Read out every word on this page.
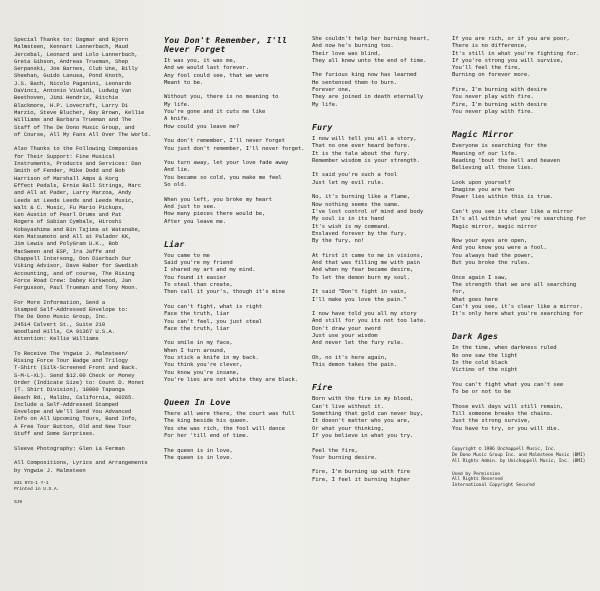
Special Thanks to: Dagmar and Bjorn
Malmsteen, Kennart Lannerbach, Maud
Jercebal, Leonard and Lolo Lannerbach,
Greta Gibson, Andreas Trueman, Shep
Serpanski, Joe Barnes, Club Une, Billy
Sheehan, Guido Lanusa, Pond Knoth,
J.S. Bach, Nicolo Paganini, Leonardo
DaVinci, Antonio Vivaldi, Ludwig Van
Beethoven, Jimi Hendrix, Ritchie
Blackmore, H.P. Lovecraft, Larry Di
Marzio, Steve Blucher, Ray Brown, Kellie
Williams and Barbara Trueman and The
Staff of The De Dono Music Group, and
of Course, All My Fans All Over The World.
Also Thanks to the Following Companies
for Their Support: Fine Musical
Instruments, Products and Services: Dan
Smith of Fender, Mike Dodd and Bob
Harrison of Marshall Amps & Korg
Effect Pedals, Ernie Ball Strings, Marc
and All at Pader, Larry Marzoa, Andy
Leeds at Leeds Leeds and Leeds Music,
Walt & C. Music, Fu Mario Pickups,
Ken Austin of Pearl Drums and Pat
Rogers of Sabian Cymbals, Hiroshi
Kobayashima and Bin Tajima at Watanabe,
Ken Matsumoto and All at Palador KK,
Jim Lewis and PolyGram U.K., Bob
MacSween and ESP, Ira Jaffe and
Chappell Intersong, Don Dierbach Our
Viking Advisor, Dave Haber for Swedish
Accounting, and of course, The Rising
Force Road Crew: Dabey Kirkwood, Jan
Fergusson, Paul Trueman and Tony Moon.
For More Information, Send a
Stamped Self-Addressed Envelope to:
The De Dono Music Group, Inc.
24514 Calvert St., Suite 210
Woodland Hills, CA 91367 U.S.A.
Attention: Kellie Williams
To Receive The Yngwie J. Malmsteen/
Rising Force Tour Badge and Trilogy
T-Shirt (Silk-Screened Front and Back.
S-M-L-XL). Send $12.00 Check or Money
Order (Indicate Size) to: Count D. Monet
(T. Shirt Division), 18800 Tapanga
Beach Rd., Malibu, California, 90265.
Include a Self-Addressed Stamped
Envelope and We'll Send You Advanced
Info on All Upcoming Tours, Band Info,
A Free Tour Button, Old and New Tour
Stuff and Some Surprises.
Sleeve Photography: Glen La Ferman
All Compositions, Lyrics and Arrangements
by Yngwie J. Malmsteen
831 073-1 Y-1
Printed in U.S.A.
SJ9
You Don't Remember, I'll Never Forget
It was you, it was me,
And we would last forever.
Any fool could see, that we were
Meant to be.
Without you, there is no meaning to
My life.
You're gone and it cuts me like
A knife.
How could you leave me?
You don't remember, I'll never forget
You just don't remember, I'll never forget.
You turn away, let your love fade away
And lie.
You became so cold, you make me feel
So old.
When you left, you broke my heart
And just to see.
How many pieces there would be,
After you leave me.
Liar
You came to me
Said you're my friend
I shared my art and my mind.
You found it easier
To steal than create,
Then call it your's, though it's mine
You can't fight, what is right
Face the truth, liar
You can't feel, you just steal
Face the truth, liar
You smile in my face,
When I turn around,
You stick a knife in my back.
You think you're clever,
You know you're insane,
You're lies are not white they are black.
Queen In Love
There all were there, the court was full
The king beside his queen.
Yes she was rich, the fool will dance
For her 'till end of time.
The queen is in love,
The queen is in love.
She couldn't help her burning heart,
And now he's burning too.
Their love was blind,
They all knew unto the end of time.
The furious king now has learned
He sentenced them to burn.
Forever one,
They are joined in death eternally
My life.
Fury
I now will tell you all a story,
That no one ever heard before.
It is the tale about the fury.
Remember wisdom is your strength.
It said you're such a fool
Just let my evil rule.
No, it's burning like a flame,
Now nothing seems the same.
I've lost control of mind and body
My soul is in its hand
It's wish is my command.
Enslaved forever by the fury.
By the fury, no!
At first it came to me in visions,
And that was filling me with pain
And when my fear became desire,
To let the demon burn my soul.
It said "Don't fight in vain,
I'll make you love the pain."
I now have told you all my story
And still for you its not too late.
Don't draw your sword
Just use your wisdom
And never let the fury rule.
Oh, no it's here again,
This demon takes the pain.
Fire
Born with the fire in my blood,
Can't live without it.
Something that gold can never buy,
It doesn't matter who you are,
Or what your thinking,
If you believe in what you try.
Feel the fire,
Your burning desire.
Fire, I'm burning up with fire
Fire, I feel it burning higher
If you are rich, or if you are poor,
There is no difference,
It's still in what you're fighting for.
If you're strong you will survive,
You'll feel the fire,
Burning on forever more.
Fire, I'm burning with desire
You never play with fire.
Fire, I'm burning with desire
You never play with fire.
Magic Mirror
Everyone is searching for the
Meaning of our life.
Reading 'bout the hell and heaven
Believing all those lies.
Look upon yourself
Imagine you are two
Power lies within this is true.
Can't you see its clear like a mirror
It's all within what you're searching for
Magic mirror, magic mirror
Now your eyes are open,
And you know you were a fool.
You always had the power,
But you broke the rules.
Once again I saw,
The strength that we are all searching for,
What goes here
Can't you see, it's clear like a mirror.
It's only here what you're searching for
Dark Ages
In the time, when darkness ruled
No one saw the light
In the cold black
Victims of the night
You can't fight what you can't see
To be or not to be
Those evil days will still remain,
Till someone breaks the chains.
Just the strong survive,
You have to try, or you will die.
Copyright © 1986 Unchappell Music, Inc.
De Dono Music Group Inc. and Malmsteen Music (BMI)
All Rights Admin. by Unichappell Music, Inc. (BMI)
Used by Permission
All Rights Reserved
International Copyright Secured
